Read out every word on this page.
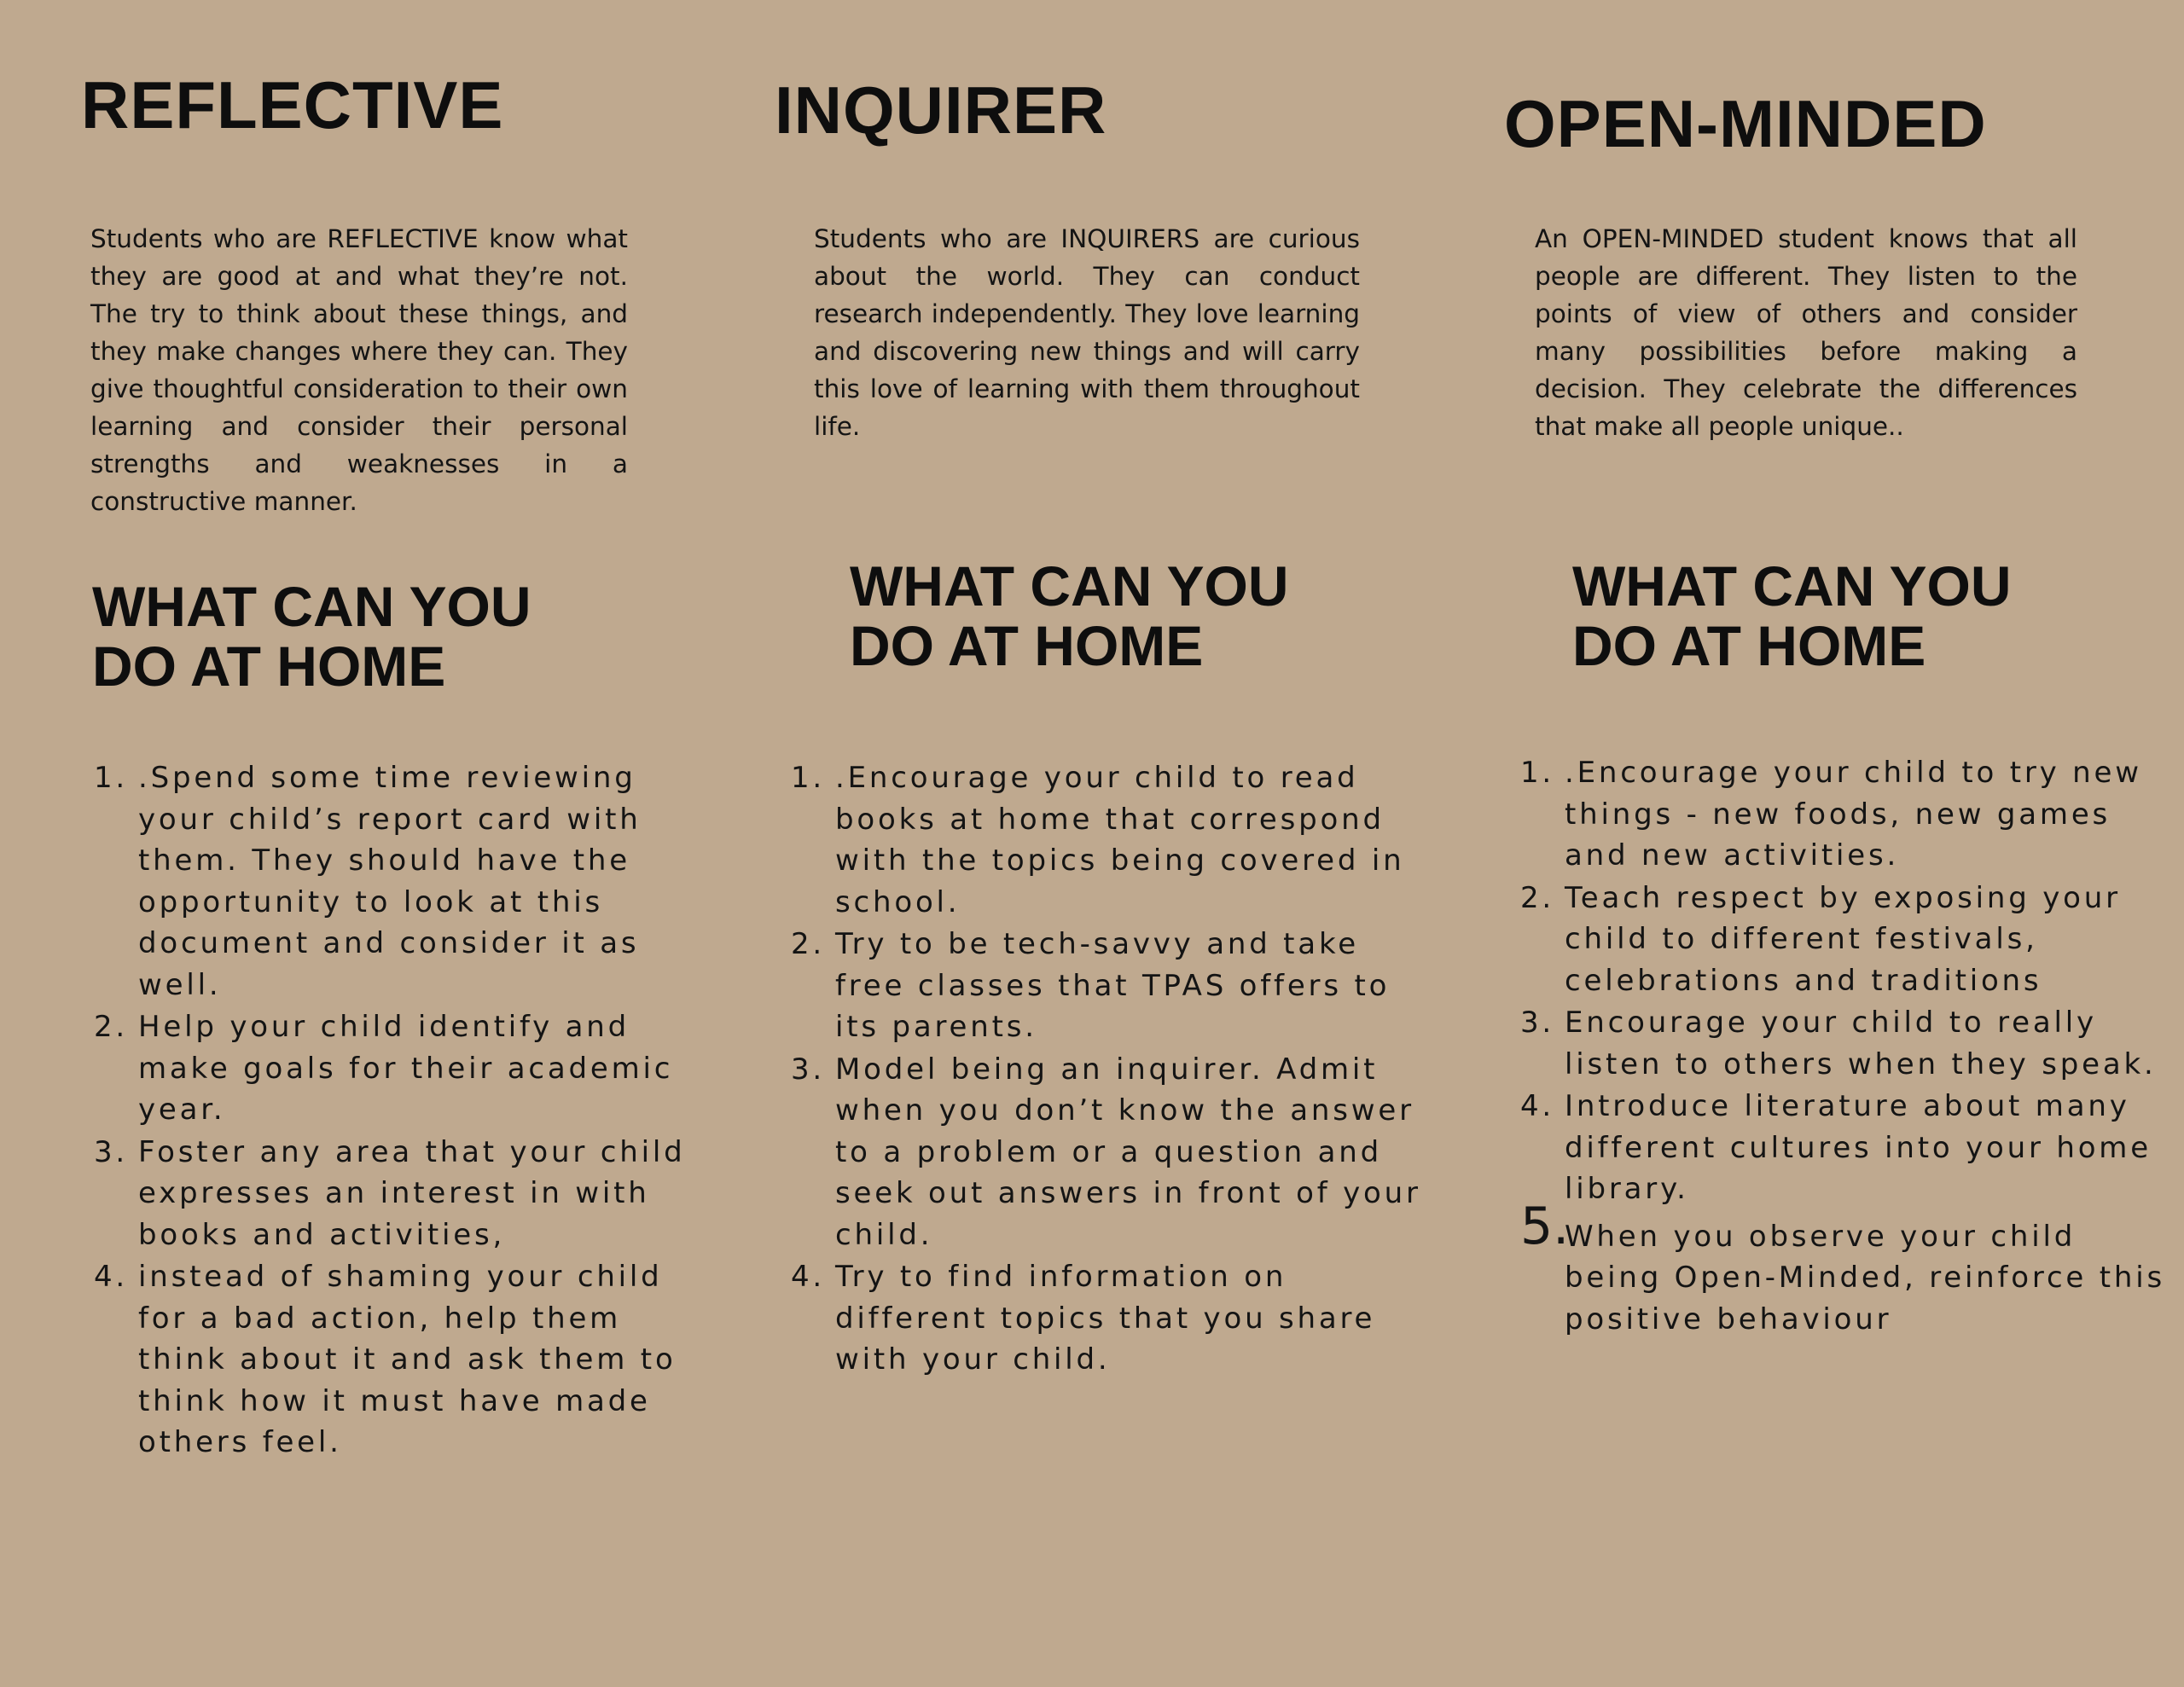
REFLECTIVE

Students who are REFLECTIVE know what they are good at and what they’re not. The try to think about these things, and they make changes where they can. They give thoughtful consideration to their own learning and consider their personal strengths and weaknesses in a constructive manner.

WHAT CAN YOU DO AT HOME
1. .Spend some time reviewing your child’s report card with them. They should have the opportunity to look at this document and consider it as well.
2. Help your child identify and make goals for their academic year.
3. Foster any area that your child expresses an interest in with books and activities,
4. instead of shaming your child for a bad action, help them think about it and ask them to think how it must have made others feel.
INQUIRER

Students who are INQUIRERS are curious about the world. They can conduct research independently. They love learning and discovering new things and will carry this love of learning with them throughout life.

WHAT CAN YOU DO AT HOME
1. .Encourage your child to read books at home that correspond with the topics being covered in school.
2. Try to be tech-savvy and take free classes that TPAS offers to its parents.
3. Model being an inquirer. Admit when you don’t know the answer to a problem or a question and seek out answers in front of your child.
4. Try to find information on different topics that you share with your child.
OPEN-MINDED

An OPEN-MINDED student knows that all people are different. They listen to the points of view of others and consider many possibilities before making a decision. They celebrate the differences that make all people unique..

WHAT CAN YOU DO AT HOME
1. .Encourage your child to try new things - new foods, new games and new activities.
2. Teach respect by exposing your child to different festivals, celebrations and traditions
3. Encourage your child to really listen to others when they speak.
4. Introduce literature about many different cultures into your home library.
5.
When you observe your child being Open-Minded, reinforce this positive behaviour
